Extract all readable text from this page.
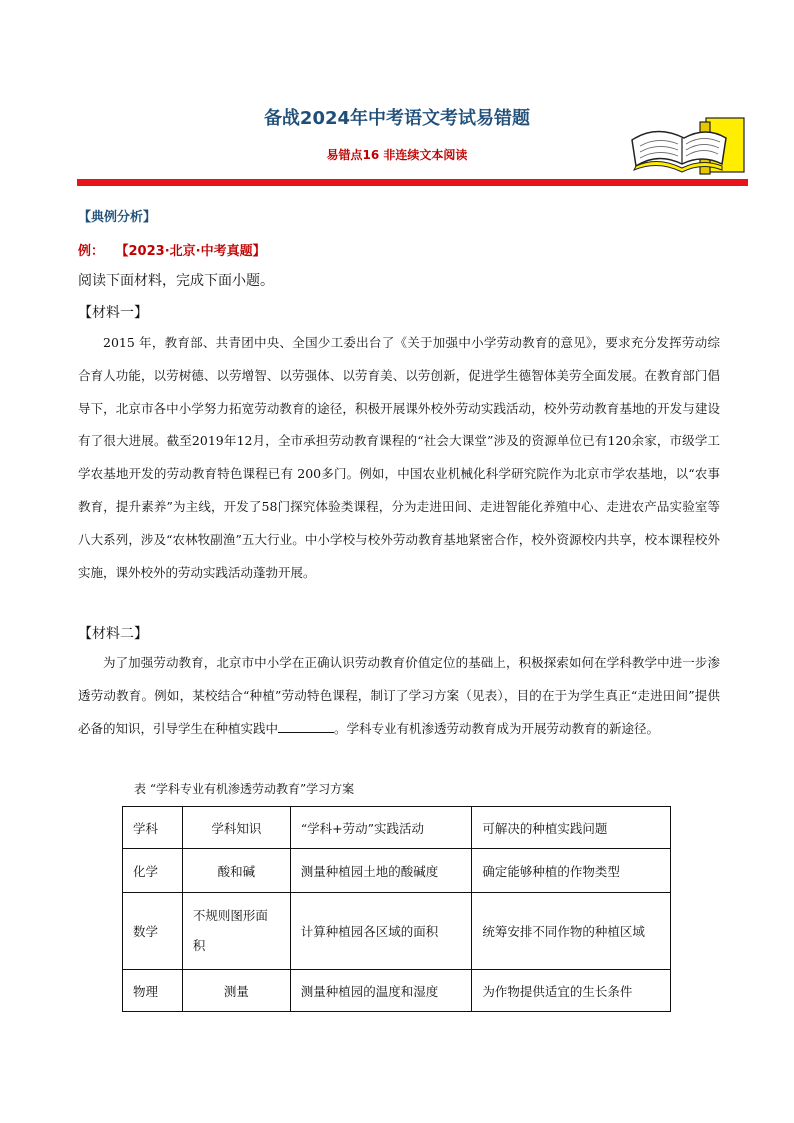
备战2024年中考语文考试易错题
易错点16 非连续文本阅读
【典例分析】
例： 【2023·北京·中考真题】
阅读下面材料，完成下面小题。
【材料一】
2015 年，教育部、共青团中央、全国少工委出台了《关于加强中小学劳动教育的意见》，要求充分发挥劳动综合育人功能，以劳树德、以劳增智、以劳强体、以劳育美、以劳创新，促进学生德智体美劳全面发展。在教育部门倡导下，北京市各中小学努力拓宽劳动教育的途径，积极开展课外校外劳动实践活动，校外劳动教育基地的开发与建设有了很大进展。截至2019年12月，全市承担劳动教育课程的“社会大课堂”涉及的资源单位已有120余家，市级学工学农基地开发的劳动教育特色课程已有 200多门。例如，中国农业机械化科学研究院作为北京市学农基地，以“农事教育，提升素养”为主线，开发了58门探究体验类课程，分为走进田间、走进智能化养殖中心、走进农产品实验室等八大系列，涉及“农林牧副渔”五大行业。中小学校与校外劳动教育基地紧密合作，校外资源校内共享，校本课程校外实施，课外校外的劳动实践活动蓬勃开展。
【材料二】
为了加强劳动教育，北京市中小学在正确认识劳动教育价值定位的基础上，积极探索如何在学科教学中进一步渗透劳动教育。例如，某校结合“种植”劳动特色课程，制订了学习方案（见表），目的在于为学生真正“走进田间”提供必备的知识，引导学生在种植实践中	。学科专业有机渗透劳动教育成为开展劳动教育的新途径。
表 “学科专业有机渗透劳动教育”学习方案
学科	学科知识	“学科+劳动”实践活动	可解决的种植实践问题
化学	酸和碱	测量种植园土地的酸碱度	确定能够种植的作物类型
数学	不规则图形面积	计算种植园各区域的面积	统筹安排不同作物的种植区域
物理	测量	测量种植园的温度和湿度	为作物提供适宜的生长条件
